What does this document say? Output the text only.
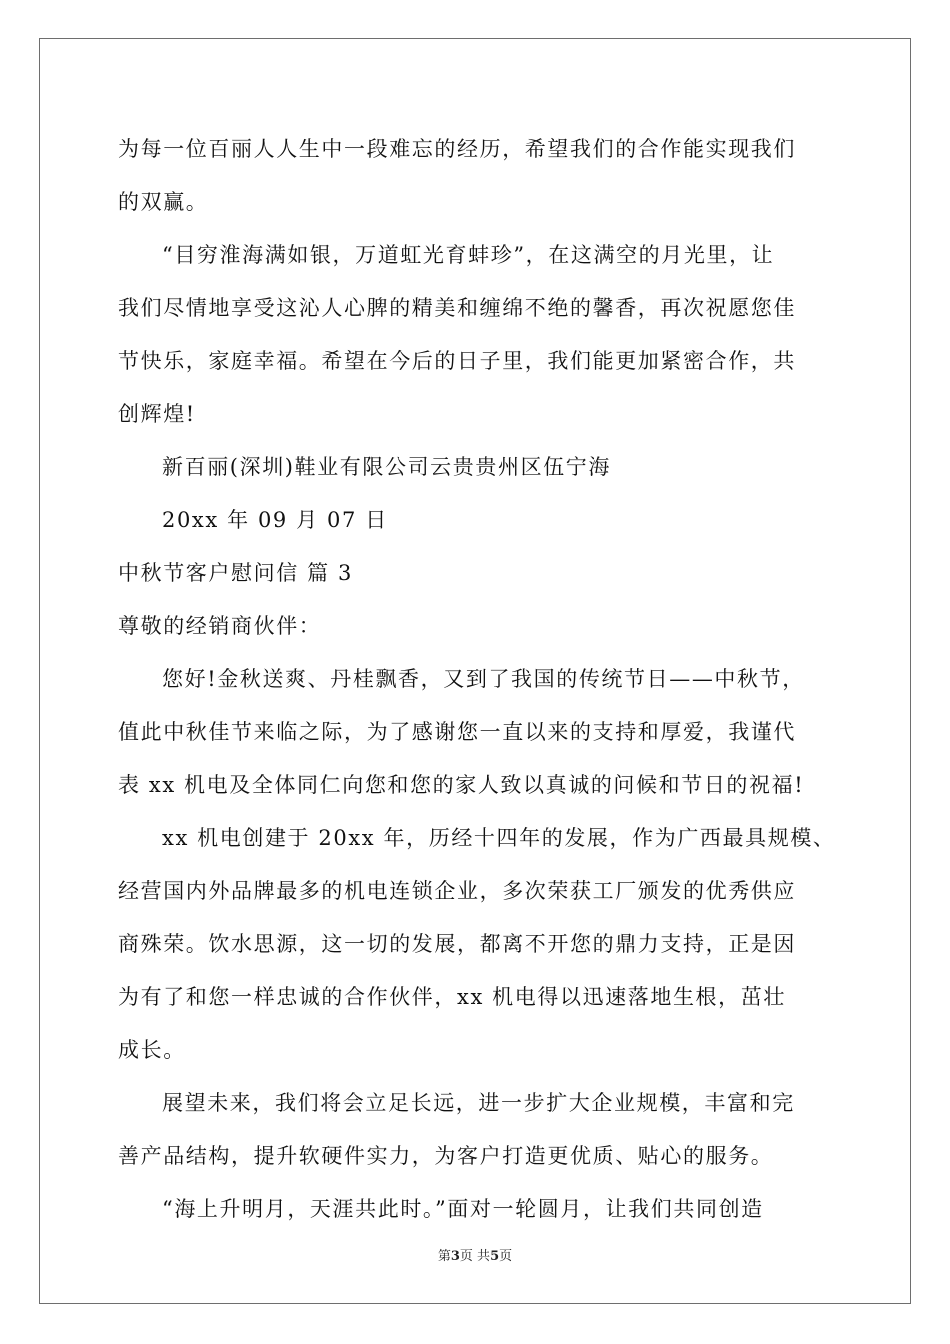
为每一位百丽人人生中一段难忘的经历，希望我们的合作能实现我们
的双赢。
“目穷淮海满如银，万道虹光育蚌珍”，在这满空的月光里，让
我们尽情地享受这沁人心脾的精美和缠绵不绝的馨香，再次祝愿您佳
节快乐，家庭幸福。希望在今后的日子里，我们能更加紧密合作，共
创辉煌!
新百丽(深圳)鞋业有限公司云贵贵州区伍宁海
20xx 年 09 月 07 日
中秋节客户慰问信 篇 3
尊敬的经销商伙伴：
您好!金秋送爽、丹桂飘香，又到了我国的传统节日——中秋节，
值此中秋佳节来临之际，为了感谢您一直以来的支持和厚爱，我谨代
表 xx 机电及全体同仁向您和您的家人致以真诚的问候和节日的祝福!
xx 机电创建于 20xx 年，历经十四年的发展，作为广西最具规模、
经营国内外品牌最多的机电连锁企业，多次荣获工厂颁发的优秀供应
商殊荣。饮水思源，这一切的发展，都离不开您的鼎力支持，正是因
为有了和您一样忠诚的合作伙伴，xx 机电得以迅速落地生根，茁壮
成长。
展望未来，我们将会立足长远，进一步扩大企业规模，丰富和完
善产品结构，提升软硬件实力，为客户打造更优质、贴心的服务。
“海上升明月，天涯共此时。”面对一轮圆月，让我们共同创造
第3页 共5页
